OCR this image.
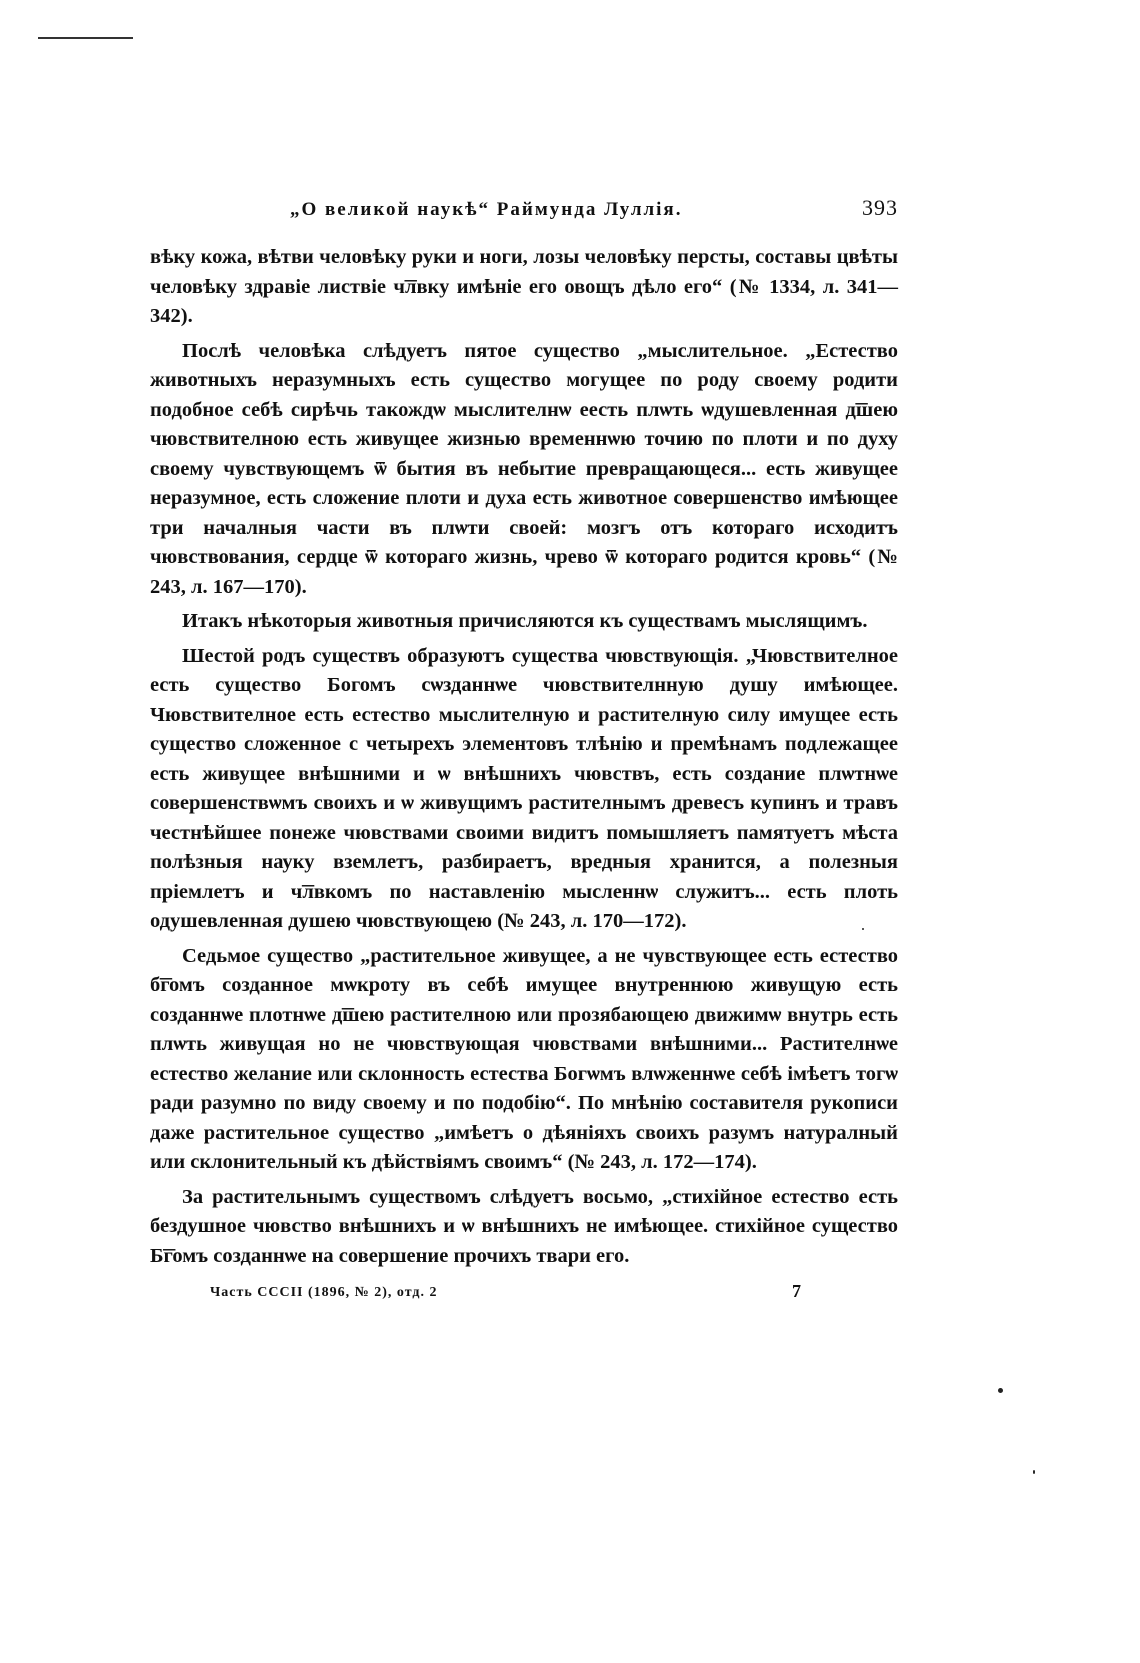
„О великой наукѣ“ Раймунда Луллія.	393

вѣку кожа, вѣтви человѣку руки и ноги, лозы человѣку персты, составы цвѣты человѣку здравіе листвіе ч͞лвку имѣніе его овощъ дѣло его“ (№ 1334, л. 341—342).

Послѣ человѣка слѣдуетъ пятое существо „мыслительное. „Естество животныхъ неразумныхъ есть существо могущее по роду своему родити подобное себѣ сирѣчь такождѡ мыслителнѡ еесть плѡть ѡдушевленная д͞шею чювствителною есть живущее жизнью временнѡю точию по плоти и по духу своему чувствующемъ ѿ бытия въ небытие превращающеся... есть живущее неразумное, есть сложение плоти и духа есть животное совершенство имѣющее три началныя части въ плѡти своей: мозгъ отъ котораго исходитъ чювствования, сердце ѿ котораго жизнь, чрево ѿ котораго родится кровь“ (№ 243, л. 167—170).

Итакъ нѣкоторыя животныя причисляются къ существамъ мыслящимъ.

Шестой родъ существъ образуютъ существа чювствующія. „Чювствителное есть существо Богомъ сѡзданнѡе чювствителнную душу имѣющее. Чювствителное есть естество мыслителную и растителную силу имущее есть существо сложенное с четырехъ элементовъ тлѣнію и премѣнамъ подлежащее есть живущее внѣшними и ѡ внѣшнихъ чювствъ, есть создание плѡтнѡе совершенствѡмъ своихъ и ѡ живущимъ растителнымъ древесъ купинъ и травъ честнѣйшее понеже чювствами своими видитъ помышляетъ памятуетъ мѣста полѣзныя науку вземлетъ, разбираетъ, вредныя хранится, а полезныя пріемлетъ и ч͞лвкомъ по наставленію мысленнѡ служитъ... есть плоть одушевленная душею чювствующею (№ 243, л. 170—172).

Седьмое существо „растительное живущее, а не чувствующее есть естество б͞гомъ созданное мѡкроту въ себѣ имущее внутреннюю живущую есть созданнѡе плотнѡе д͞шею растителною или прозябающею движимѡ внутрь есть плѡть живущая но не чювствующая чювствами внѣшними... Растителнѡе естество желание или склонность естества Богѡмъ влѡженнѡе себѣ імѣетъ тогѡ ради разумно по виду своему и по подобію“. По мнѣнію составителя рукописи даже растительное существо „имѣетъ о дѣяніяхъ своихъ разумъ натуралный или склонительный къ дѣйствіямъ своимъ“ (№ 243, л. 172—174).

За растительнымъ существомъ слѣдуетъ восьмо, „стихійное естество есть бездушное чювство внѣшнихъ и ѡ внѣшнихъ не имѣющее. стихійное существо Б͞гомъ созданнѡе на совершение прочихъ твари его.

Часть CCCII (1896, № 2), отд. 2	7
